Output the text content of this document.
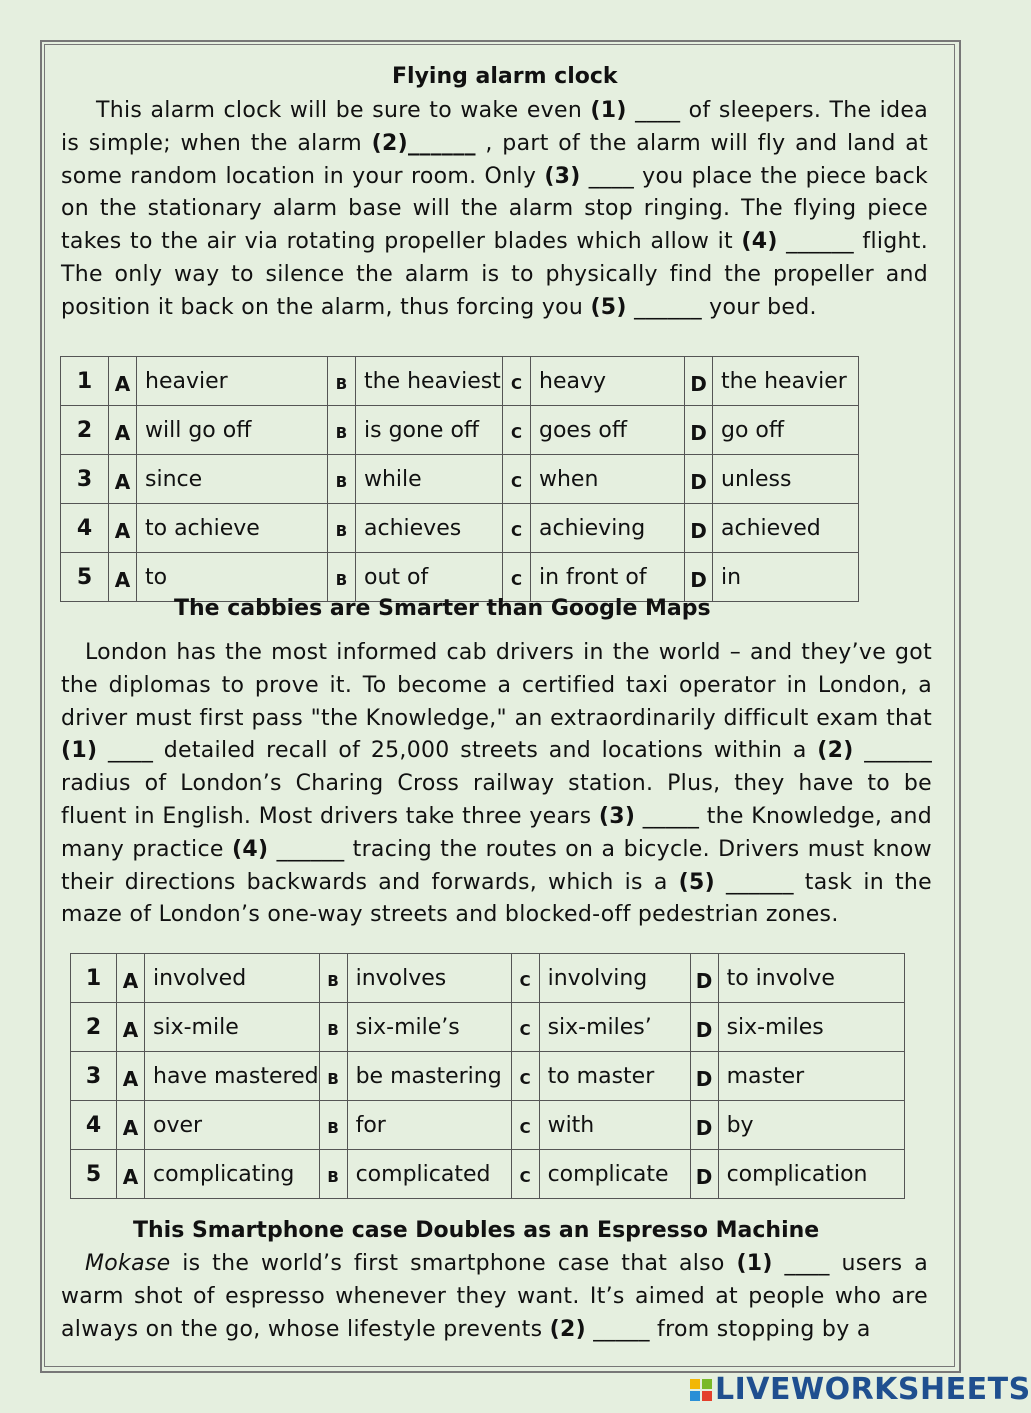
Flying alarm clock
This alarm clock will be sure to wake even (1) ____ of sleepers. The idea is simple; when the alarm (2)______ , part of the alarm will fly and land at some random location in your room. Only (3) ____ you place the piece back on the stationary alarm base will the alarm stop ringing. The flying piece takes to the air via rotating propeller blades which allow it (4) ______ flight. The only way to silence the alarm is to physically find the propeller and position it back on the alarm, thus forcing you (5) ______ your bed.
1	A	heavier	B	the heaviest	C	heavy	D	the heavier
2	A	will go off	B	is gone off	C	goes off	D	go off
3	A	since	B	while	C	when	D	unless
4	A	to achieve	B	achieves	C	achieving	D	achieved
5	A	to	B	out of	C	in front of	D	in
The cabbies are Smarter than Google Maps
London has the most informed cab drivers in the world – and they’ve got the diplomas to prove it. To become a certified taxi operator in London, a driver must first pass "the Knowledge," an extraordinarily difficult exam that (1) ____ detailed recall of 25,000 streets and locations within a (2) ______ radius of London’s Charing Cross railway station. Plus, they have to be fluent in English. Most drivers take three years (3) _____ the Knowledge, and many practice (4) ______ tracing the routes on a bicycle. Drivers must know their directions backwards and forwards, which is a (5) ______ task in the maze of London’s one-way streets and blocked-off pedestrian zones.
1	A	involved	B	involves	C	involving	D	to involve
2	A	six-mile	B	six-mile’s	C	six-miles’	D	six-miles
3	A	have mastered	B	be mastering	C	to master	D	master
4	A	over	B	for	C	with	D	by
5	A	complicating	B	complicated	C	complicate	D	complication
This Smartphone case Doubles as an Espresso Machine
Mokase is the world’s first smartphone case that also (1) ____ users a warm shot of espresso whenever they want. It’s aimed at people who are always on the go, whose lifestyle prevents (2) _____ from stopping by a
LIVEWORKSHEETS
